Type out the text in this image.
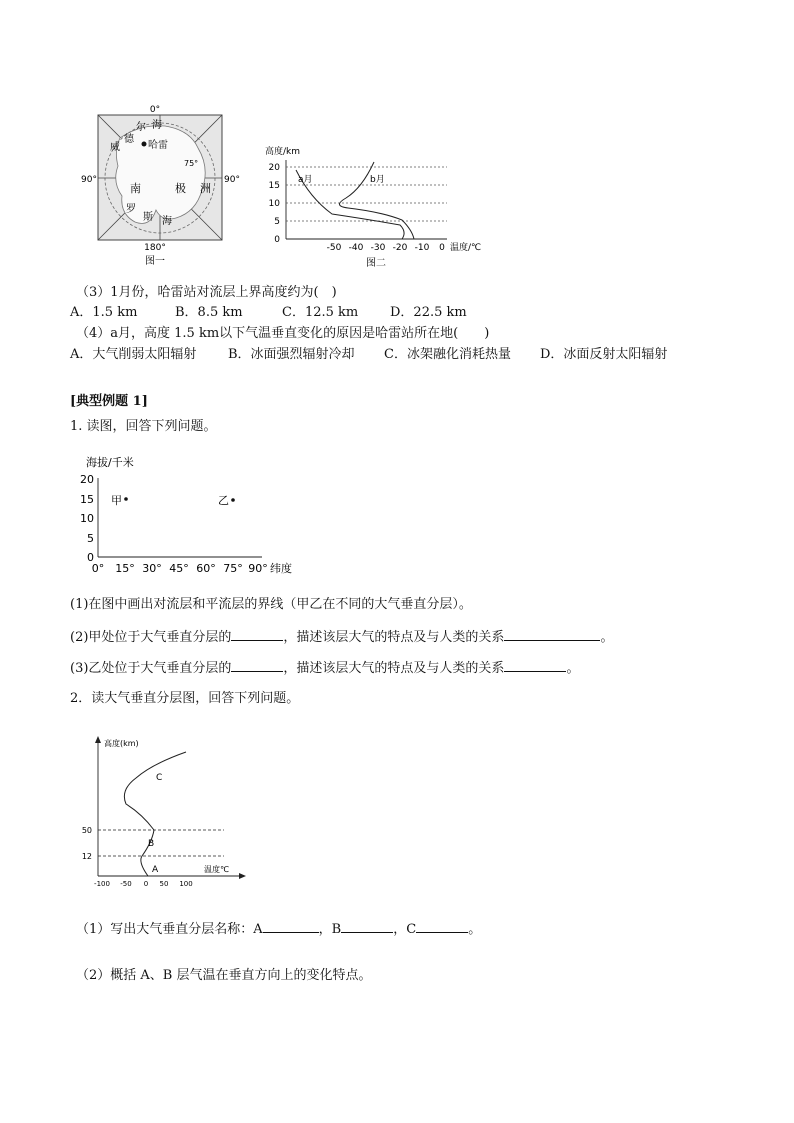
0°
180°
90°	90°
75°
哈雷
南	极 洲
德
尔 海
威
罗
斯 海
图一
高度/km
0
5
10
15
20
-50 -40 -30 -20 -10 0 温度/℃
a月	b月
图二
（3）1月份，哈雷站对流层上界高度约为(　)
A．1.5 km	B．8.5 km	C．12.5 km D．22.5 km
（4）a月，高度 1.5 km以下气温垂直变化的原因是哈雷站所在地(　　)
A．大气削弱太阳辐射 B．冰面强烈辐射冷却 C．冰架融化消耗热量 D．冰面反射太阳辐射
[典型例题 1]
1. 读图，回答下列问题。
海拔/千米
0
5
10
15
20
0° 15° 30° 45° 60° 75° 90° 纬度
甲	乙
(1)在图中画出对流层和平流层的界线（甲乙在不同的大气垂直分层）。
(2)甲处位于大气垂直分层的	，描述该层大气的特点及与人类的关系	。
(3)乙处位于大气垂直分层的	，描述该层大气的特点及与人类的关系	。
2．读大气垂直分层图，回答下列问题。
高度(km)
温度℃
50
12
-100 -50 0 50 100
C
B
A
（1）写出大气垂直分层名称：A	，B	，C	。
（2）概括 A、B 层气温在垂直方向上的变化特点。
